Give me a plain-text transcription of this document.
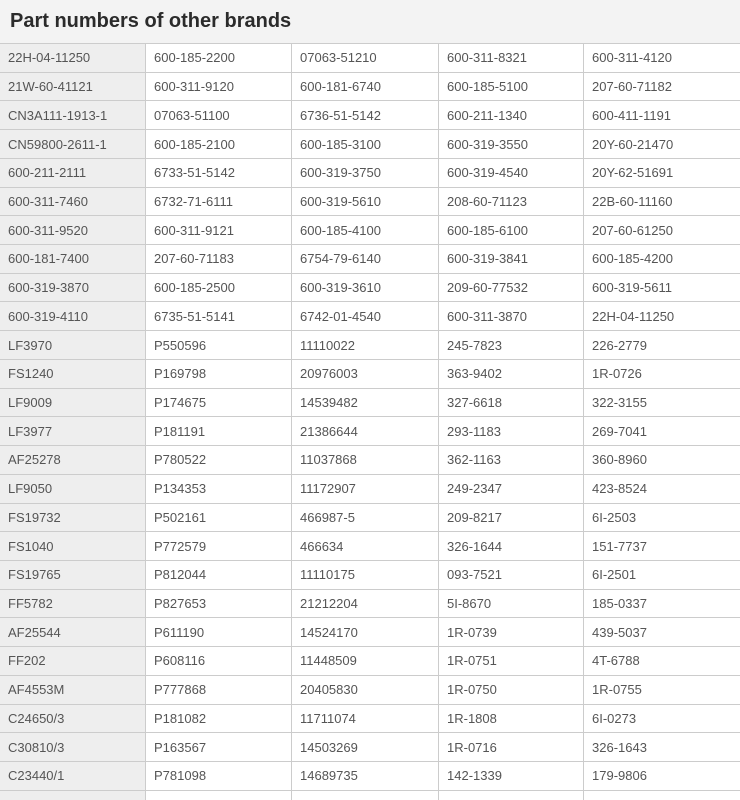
Part numbers of other brands
22H-04-11250	600-185-2200	07063-51210	600-311-8321	600-311-4120
21W-60-41121	600-311-9120	600-181-6740	600-185-5100	207-60-71182
CN3A111-1913-1	07063-51100	6736-51-5142	600-211-1340	600-411-1191
CN59800-2611-1	600-185-2100	600-185-3100	600-319-3550	20Y-60-21470
600-211-2111	6733-51-5142	600-319-3750	600-319-4540	20Y-62-51691
600-311-7460	6732-71-6111	600-319-5610	208-60-71123	22B-60-11160
600-311-9520	600-311-9121	600-185-4100	600-185-6100	207-60-61250
600-181-7400	207-60-71183	6754-79-6140	600-319-3841	600-185-4200
600-319-3870	600-185-2500	600-319-3610	209-60-77532	600-319-5611
600-319-4110	6735-51-5141	6742-01-4540	600-311-3870	22H-04-11250
LF3970	P550596	11110022	245-7823	226-2779
FS1240	P169798	20976003	363-9402	1R-0726
LF9009	P174675	14539482	327-6618	322-3155
LF3977	P181191	21386644	293-1183	269-7041
AF25278	P780522	11037868	362-1163	360-8960
LF9050	P134353	11172907	249-2347	423-8524
FS19732	P502161	466987-5	209-8217	6I-2503
FS1040	P772579	466634	326-1644	151-7737
FS19765	P812044	11110175	093-7521	6I-2501
FF5782	P827653	21212204	5I-8670	185-0337
AF25544	P611190	14524170	1R-0739	439-5037
FF202	P608116	11448509	1R-0751	4T-6788
AF4553M	P777868	20405830	1R-0750	1R-0755
C24650/3	P181082	11711074	1R-1808	6I-0273
C30810/3	P163567	14503269	1R-0716	326-1643
C23440/1	P781098	14689735	142-1339	179-9806
